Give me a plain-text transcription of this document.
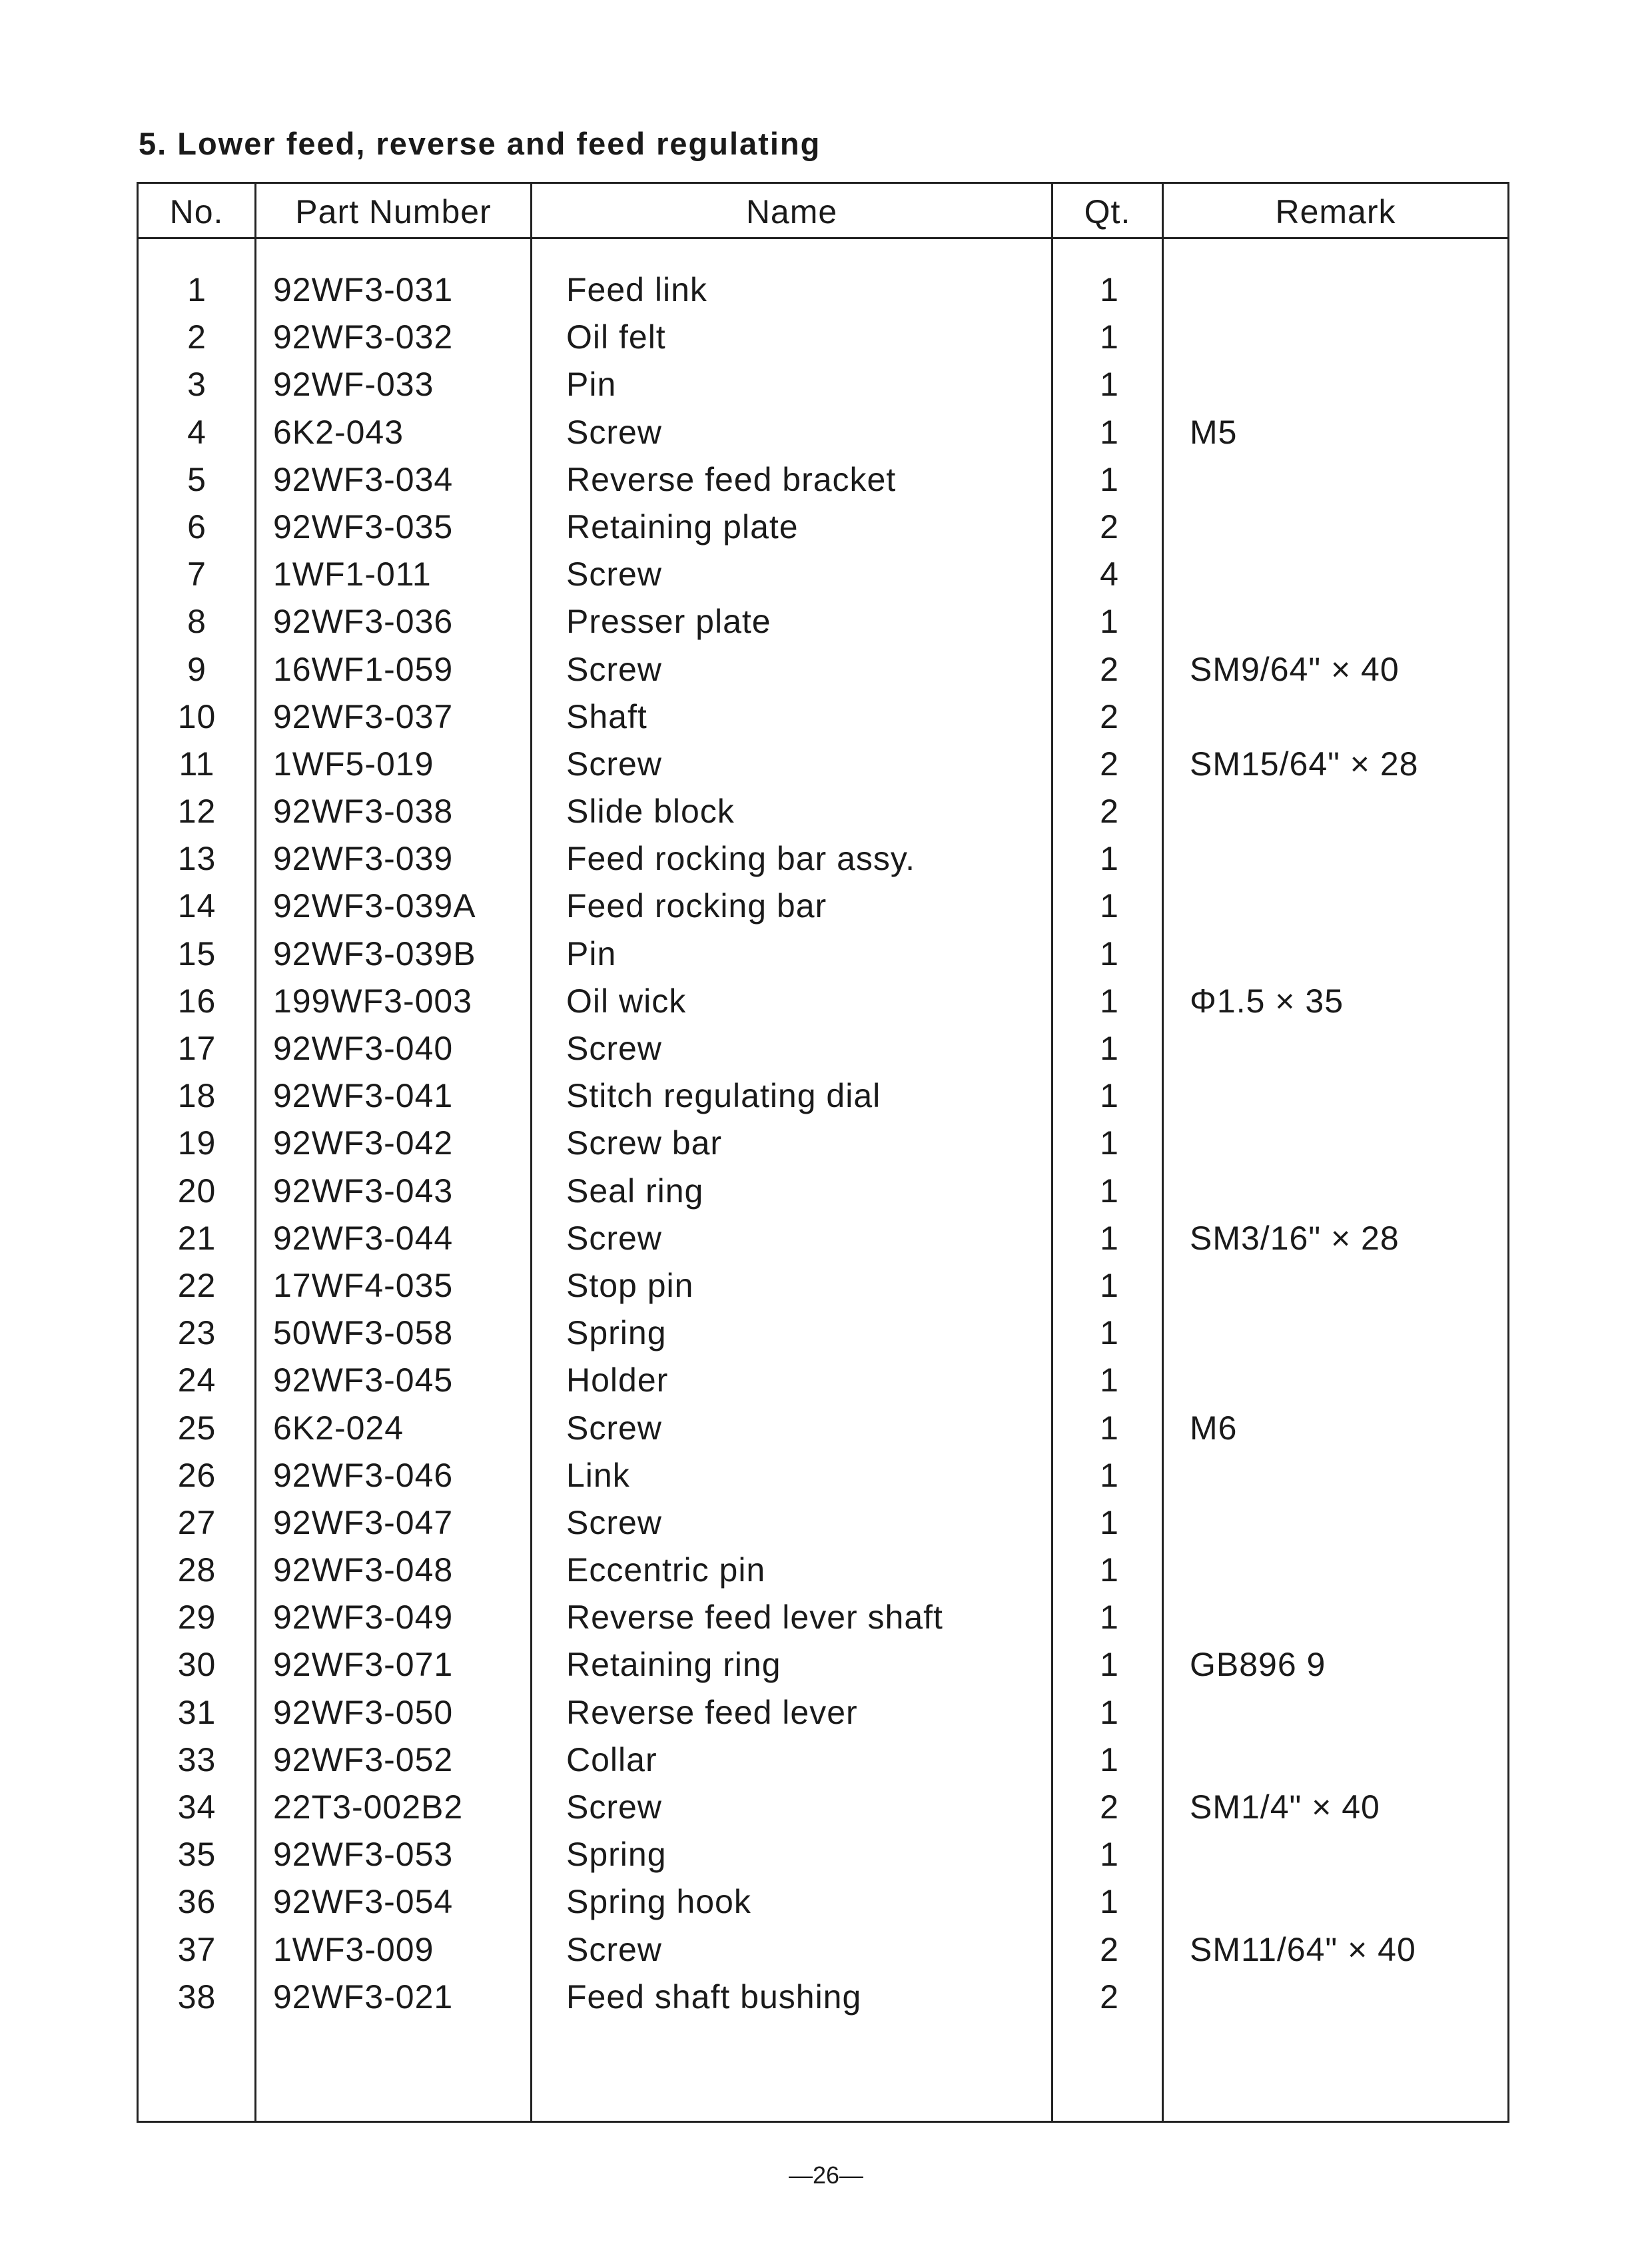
5. Lower feed, reverse and feed regulating
No.	Part Number	Name	Qt.	Remark
1	92WF3-031	Feed link	1
2	92WF3-032	Oil felt	1
3	92WF-033	Pin	1
4	6K2-043	Screw	1	M5
5	92WF3-034	Reverse feed bracket	1
6	92WF3-035	Retaining plate	2
7	1WF1-011	Screw	4
8	92WF3-036	Presser plate	1
9	16WF1-059	Screw	2	SM9/64" × 40
10	92WF3-037	Shaft	2
11	1WF5-019	Screw	2	SM15/64" × 28
12	92WF3-038	Slide block	2
13	92WF3-039	Feed rocking bar assy.	1
14	92WF3-039A	Feed rocking bar	1
15	92WF3-039B	Pin	1
16	199WF3-003	Oil wick	1	Φ1.5 × 35
17	92WF3-040	Screw	1
18	92WF3-041	Stitch regulating dial	1
19	92WF3-042	Screw bar	1
20	92WF3-043	Seal ring	1
21	92WF3-044	Screw	1	SM3/16" × 28
22	17WF4-035	Stop pin	1
23	50WF3-058	Spring	1
24	92WF3-045	Holder	1
25	6K2-024	Screw	1	M6
26	92WF3-046	Link	1
27	92WF3-047	Screw	1
28	92WF3-048	Eccentric pin	1
29	92WF3-049	Reverse feed lever shaft	1
30	92WF3-071	Retaining ring	1	GB896 9
31	92WF3-050	Reverse feed lever	1
33	92WF3-052	Collar	1
34	22T3-002B2	Screw	2	SM1/4" × 40
35	92WF3-053	Spring	1
36	92WF3-054	Spring hook	1
37	1WF3-009	Screw	2	SM11/64" × 40
38	92WF3-021	Feed shaft bushing	2
—26—
